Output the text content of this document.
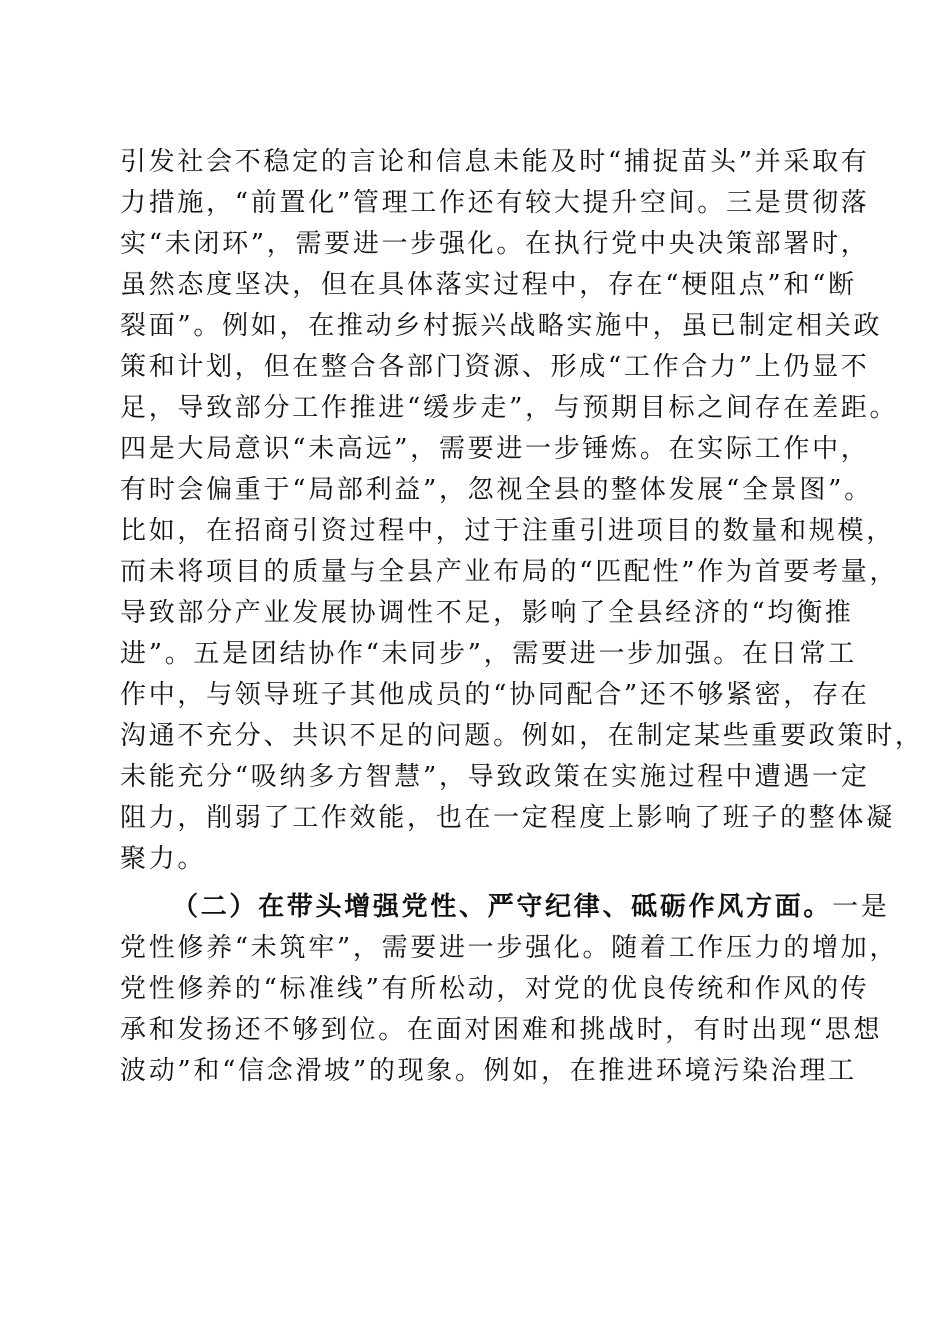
引发社会不稳定的言论和信息未能及时“捕捉苗头”并采取有
力措施，“前置化”管理工作还有较大提升空间。三是贯彻落
实“未闭环”，需要进一步强化。在执行党中央决策部署时，
虽然态度坚决，但在具体落实过程中，存在“梗阻点”和“断
裂面”。例如，在推动乡村振兴战略实施中，虽已制定相关政
策和计划，但在整合各部门资源、形成“工作合力”上仍显不
足，导致部分工作推进“缓步走”，与预期目标之间存在差距。
四是大局意识“未高远”，需要进一步锤炼。在实际工作中，
有时会偏重于“局部利益”，忽视全县的整体发展“全景图”。
比如，在招商引资过程中，过于注重引进项目的数量和规模，
而未将项目的质量与全县产业布局的“匹配性”作为首要考量，
导致部分产业发展协调性不足，影响了全县经济的“均衡推
进”。五是团结协作“未同步”，需要进一步加强。在日常工
作中，与领导班子其他成员的“协同配合”还不够紧密，存在
沟通不充分、共识不足的问题。例如，在制定某些重要政策时，
未能充分“吸纳多方智慧”，导致政策在实施过程中遭遇一定
阻力，削弱了工作效能，也在一定程度上影响了班子的整体凝
聚力。
（二）在带头增强党性、严守纪律、砥砺作风方面。一是
党性修养“未筑牢”，需要进一步强化。随着工作压力的增加，
党性修养的“标准线”有所松动，对党的优良传统和作风的传
承和发扬还不够到位。在面对困难和挑战时，有时出现“思想
波动”和“信念滑坡”的现象。例如，在推进环境污染治理工
